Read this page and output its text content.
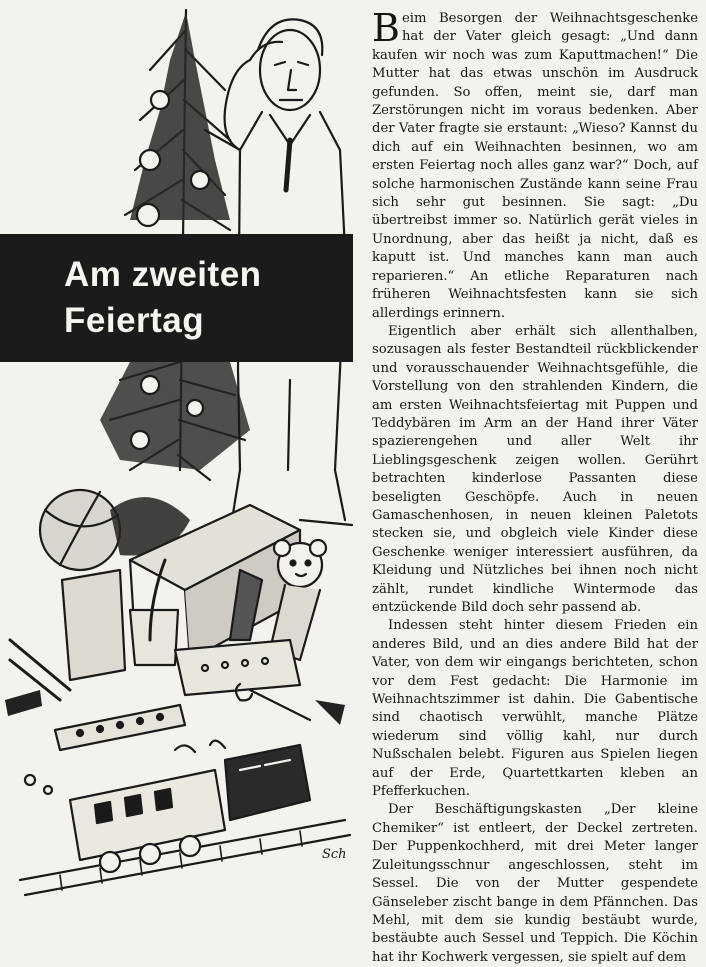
Sch
Am zweiten
Feiertag

Beim Besorgen der Weihnachtsgeschenke hat der Vater gleich gesagt: „Und dann kaufen wir noch was zum Kaputtmachen!“ Die Mutter hat das etwas unschön im Ausdruck gefunden. So offen, meint sie, darf man Zerstörungen nicht im voraus bedenken. Aber der Vater fragte sie erstaunt: „Wieso? Kannst du dich auf ein Weihnachten besinnen, wo am ersten Feiertag noch alles ganz war?“ Doch, auf solche harmonischen Zustände kann seine Frau sich sehr gut besinnen. Sie sagt: „Du übertreibst immer so. Natürlich gerät vieles in Unordnung, aber das heißt ja nicht, daß es kaputt ist. Und manches kann man auch reparieren.“ An etliche Reparaturen nach früheren Weihnachtsfesten kann sie sich allerdings erinnern.

Eigentlich aber erhält sich allenthalben, sozusagen als fester Bestandteil rückblickender und vorausschauender Weihnachtsgefühle, die Vorstellung von den strahlenden Kindern, die am ersten Weihnachtsfeiertag mit Puppen und Teddybären im Arm an der Hand ihrer Väter spazierengehen und aller Welt ihr Lieblingsgeschenk zeigen wollen. Gerührt betrachten kinderlose Passanten diese beseligten Geschöpfe. Auch in neuen Gamaschenhosen, in neuen kleinen Paletots stecken sie, und obgleich viele Kinder diese Geschenke weniger interessiert ausführen, da Kleidung und Nützliches bei ihnen noch nicht zählt, rundet kindliche Wintermode das entzückende Bild doch sehr passend ab.

Indessen steht hinter diesem Frieden ein anderes Bild, und an dies andere Bild hat der Vater, von dem wir eingangs berichteten, schon vor dem Fest gedacht: Die Harmonie im Weihnachtszimmer ist dahin. Die Gabentische sind chaotisch verwühlt, manche Plätze wiederum sind völlig kahl, nur durch Nußschalen belebt. Figuren aus Spielen liegen auf der Erde, Quartettkarten kleben an Pfefferkuchen.

Der Beschäftigungskasten „Der kleine Chemiker“ ist entleert, der Deckel zertreten. Der Puppenkochherd, mit drei Meter langer Zuleitungsschnur angeschlossen, steht im Sessel. Die von der Mutter gespendete Gänseleber zischt bange in dem Pfännchen. Das Mehl, mit dem sie kundig bestäubt wurde, bestäubte auch Sessel und Teppich. Die Köchin hat ihr Kochwerk vergessen, sie spielt auf dem
